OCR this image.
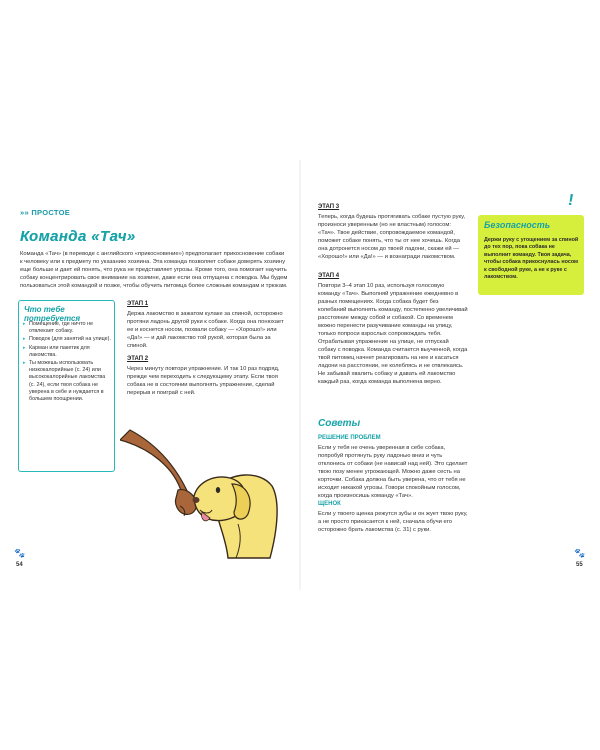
»» ПРОСТОЕ
Команда «Тач»
Команда «Тач» (в переводе с английского «прикосновение») предполагает прикосновение собаки к человеку или к предмету по указанию хозяина. Эта команда позволяет собаке доверять хозяину еще больше и дает ей понять, что рука не представляет угрозы. Кроме того, она помогает научить собаку концентрировать свое внимание на хозяине, даже если она отпущена с поводка. Мы будем пользоваться этой командой и позже, чтобы обучить питомца более сложным командам и трюкам.
Что тебе потребуется
▸ Помещение, где ничто не отвлекает собаку.
▸ Поводок (для занятий на улице).
▸ Карман или пакетик для лакомства.
▸ Ты можешь использовать низкокалорийные (с. 24) или высококалорийные лакомства (с. 24), если твоя собака не уверена в себе и нуждается в большем поощрении.
ЭТАП 1
Держа лакомство в зажатом кулаке за спиной, осторожно протяни ладонь другой руки к собаке. Когда она понюхает ее и коснется носом, похвали собаку — «Хорошо!» или «Да!» — и дай лакомство той рукой, которая была за спиной.
ЭТАП 2
Через минуту повтори упражнение. И так 10 раз подряд, прежде чем переходить к следующему этапу. Если твоя собака не в состоянии выполнять упражнение, сделай перерыв и поиграй с ней.
🐾
54
ЭТАП 3
Теперь, когда будешь протягивать собаке пустую руку, произноси уверенным (но не властным) голосом: «Тач». Твое действие, сопровождаемое командой, поможет собаке понять, что ты от нее хочешь. Когда она дотронется носом до твоей ладони, скажи ей — «Хорошо!» или «Да!» — и вознагради лакомством.
ЭТАП 4
Повтори 3–4 этап 10 раз, используя голосовую команду «Тач». Выполняй упражнение ежедневно в разных помещениях. Когда собака будет без колебаний выполнять команду, постепенно увеличивай расстояние между собой и собакой. Со временем можно перенести разучивание команды на улицу, только попроси взрослых сопровождать тебя. Отрабатывая упражнение на улице, не отпускай собаку с поводка. Команда считается выученной, когда твой питомец начнет реагировать на нее и касаться ладони на расстоянии, не колеблясь и не отвлекаясь. Не забывай хвалить собаку и давать ей лакомство каждый раз, когда команда выполнена верно.
!
Безопасность
Держи руку с угощением за спиной до тех пор, пока собака не выполнит команду. Твоя задача, чтобы собака прикоснулась носом к свободной руке, а не к руке с лакомством.
Советы
РЕШЕНИЕ ПРОБЛЕМ
Если у тебя не очень уверенная в себе собака, попробуй протянуть руку ладонью вниз и чуть отклонись от собаки (не нависай над ней). Это сделает твою позу менее угрожающей. Можно даже сесть на корточки. Собака должна быть уверена, что от тебя не исходит никакой угрозы. Говори спокойным голосом, когда произносишь команду «Тач».
ЩЕНОК
Если у твоего щенка режутся зубы и он жует твою руку, а не просто прикасается к ней, сначала обучи его осторожно брать лакомства (с. 31) с руки.
🐾
55
